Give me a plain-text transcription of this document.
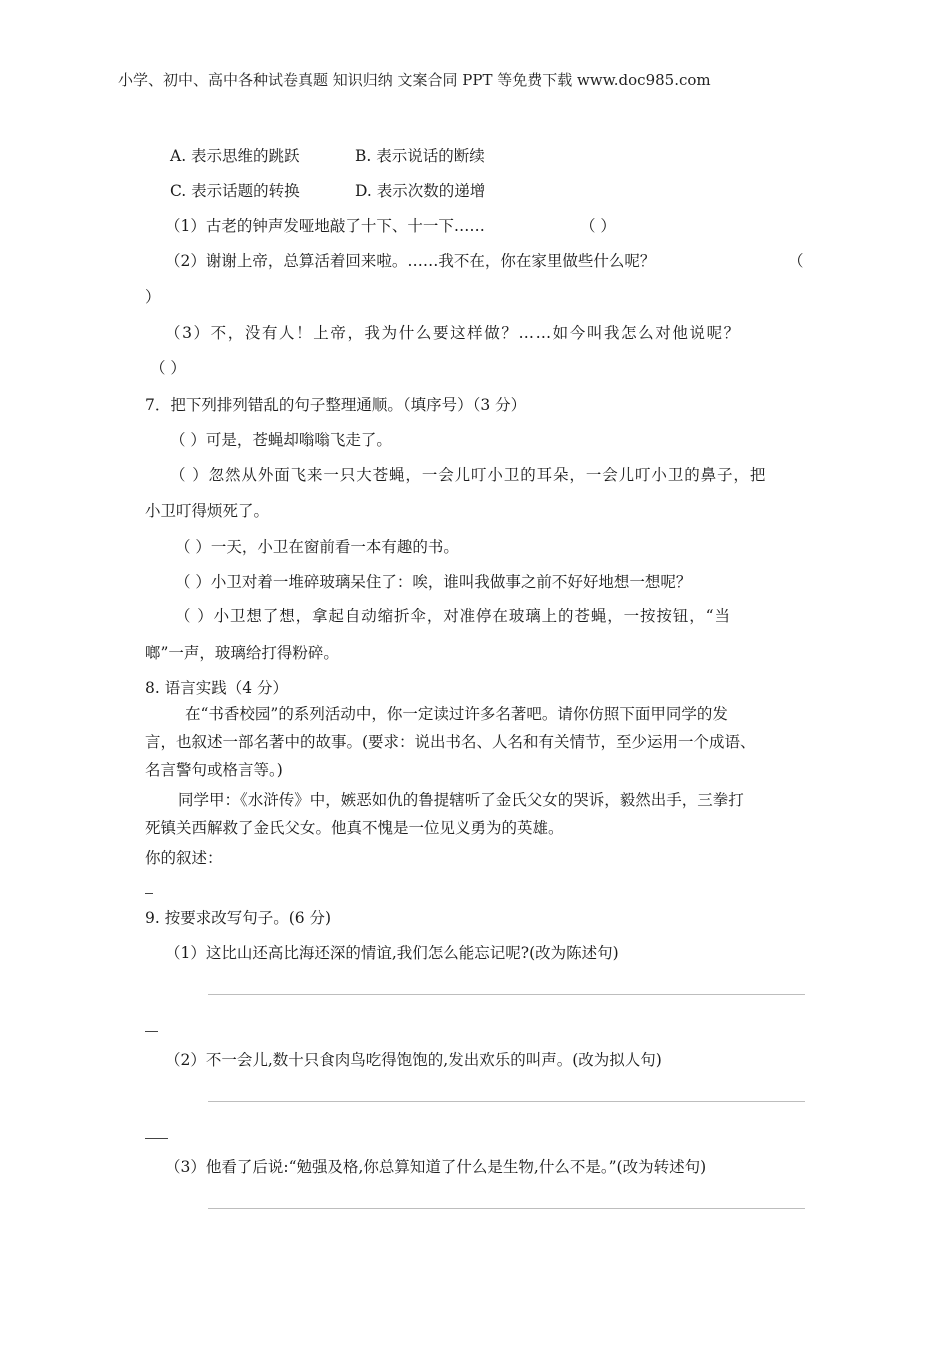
小学、初中、高中各种试卷真题 知识归纳 文案合同 PPT 等免费下载 www.doc985.com
A. 表示思维的跳跃	B. 表示说话的断续
C. 表示话题的转换	D. 表示次数的递增
（1）古老的钟声发哑地敲了十下、十一下……	（ ）
（2）谢谢上帝，总算活着回来啦。……我不在，你在家里做些什么呢？	（
）
（3）不，没有人！上帝，我为什么要这样做？……如今叫我怎么对他说呢？
（ ）
7．把下列排列错乱的句子整理通顺。（填序号）（3 分）
（ ）可是，苍蝇却嗡嗡飞走了。
（ ）忽然从外面飞来一只大苍蝇，一会儿叮小卫的耳朵，一会儿叮小卫的鼻子，把
小卫叮得烦死了。
（ ）一天，小卫在窗前看一本有趣的书。
（ ）小卫对着一堆碎玻璃呆住了：唉，谁叫我做事之前不好好地想一想呢？
（ ）小卫想了想，拿起自动缩折伞，对准停在玻璃上的苍蝇，一按按钮，“当
啷”一声，玻璃给打得粉碎。
8. 语言实践（4 分）
在“书香校园”的系列活动中，你一定读过许多名著吧。请你仿照下面甲同学的发
言，也叙述一部名著中的故事。(要求：说出书名、人名和有关情节，至少运用一个成语、
名言警句或格言等。)
同学甲：《水浒传》中，嫉恶如仇的鲁提辖听了金氏父女的哭诉，毅然出手，三拳打
死镇关西解救了金氏父女。他真不愧是一位见义勇为的英雄。
你的叙述：
9. 按要求改写句子。(6 分)
（1）这比山还高比海还深的情谊,我们怎么能忘记呢?(改为陈述句)
（2）不一会儿,数十只食肉鸟吃得饱饱的,发出欢乐的叫声。(改为拟人句)
（3）他看了后说:“勉强及格,你总算知道了什么是生物,什么不是。”(改为转述句)
